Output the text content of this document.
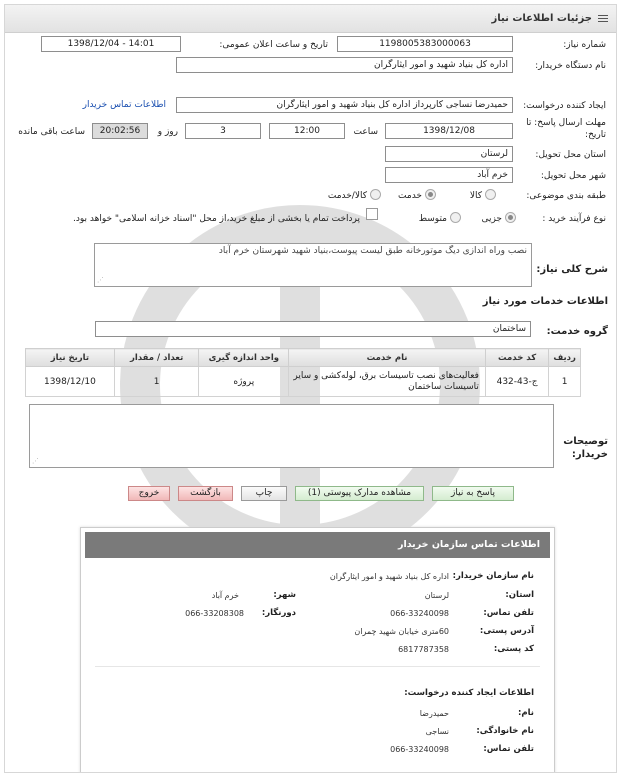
جزئیات اطلاعات نیاز
شماره نیاز:
1198005383000063
تاریخ و ساعت اعلان عمومی:
1398/12/04 - 14:01
نام دستگاه خریدار:
اداره کل بنیاد شهید و امور ایثارگران
ایجاد کننده درخواست:
حمیدرضا نساجی کارپرداز اداره کل بنیاد شهید و امور ایثارگران
اطلاعات تماس خریدار
مهلت ارسال پاسخ: تا تاریخ:
1398/12/08
ساعت
12:00
3
روز و
20:02:56
ساعت باقی مانده
استان محل تحویل:
لرستان
شهر محل تحویل:
خرم آباد
طبقه بندی موضوعی:
کالا
خدمت
کالا/خدمت
نوع فرآیند خرید :
جزیی
متوسط
پرداخت تمام یا بخشی از مبلغ خرید،از محل "اسناد خزانه اسلامی" خواهد بود.
شرح کلی نیاز:
نصب وراه اندازی دیگ موتورخانه طبق لیست پیوست،بنیاد شهید شهرستان خرم آباد
⋰
اطلاعات خدمات مورد نیاز
گروه خدمت:
ساختمان
ردیف	کد خدمت	نام خدمت	واحد اندازه گیری	تعداد / مقدار	تاریخ نیاز
1	ج-43-432	فعالیت‌های نصب تاسیسات برق، لوله‌کشی و سایر تاسیسات ساختمان	پروژه	1	1398/12/10
توصیحات خریدار:
⋰
پاسخ به نیاز
مشاهده مدارک پیوستی (1)
چاپ
بازگشت
خروج
اطلاعات تماس سازمان خریدار
نام سازمان خریدار:
اداره کل بنیاد شهید و امور ایثارگران
استان:
لرستان
شهر:
خرم آباد
تلفن تماس:
066-33240098
دورنگار:
066-33208308
آدرس پستی:
60متری خیابان شهید چمران
کد پستی:
6817787358
اطلاعات ایجاد کننده درخواست:
نام:
حمیدرضا
نام خانوادگی:
نساجی
تلفن تماس:
066-33240098
